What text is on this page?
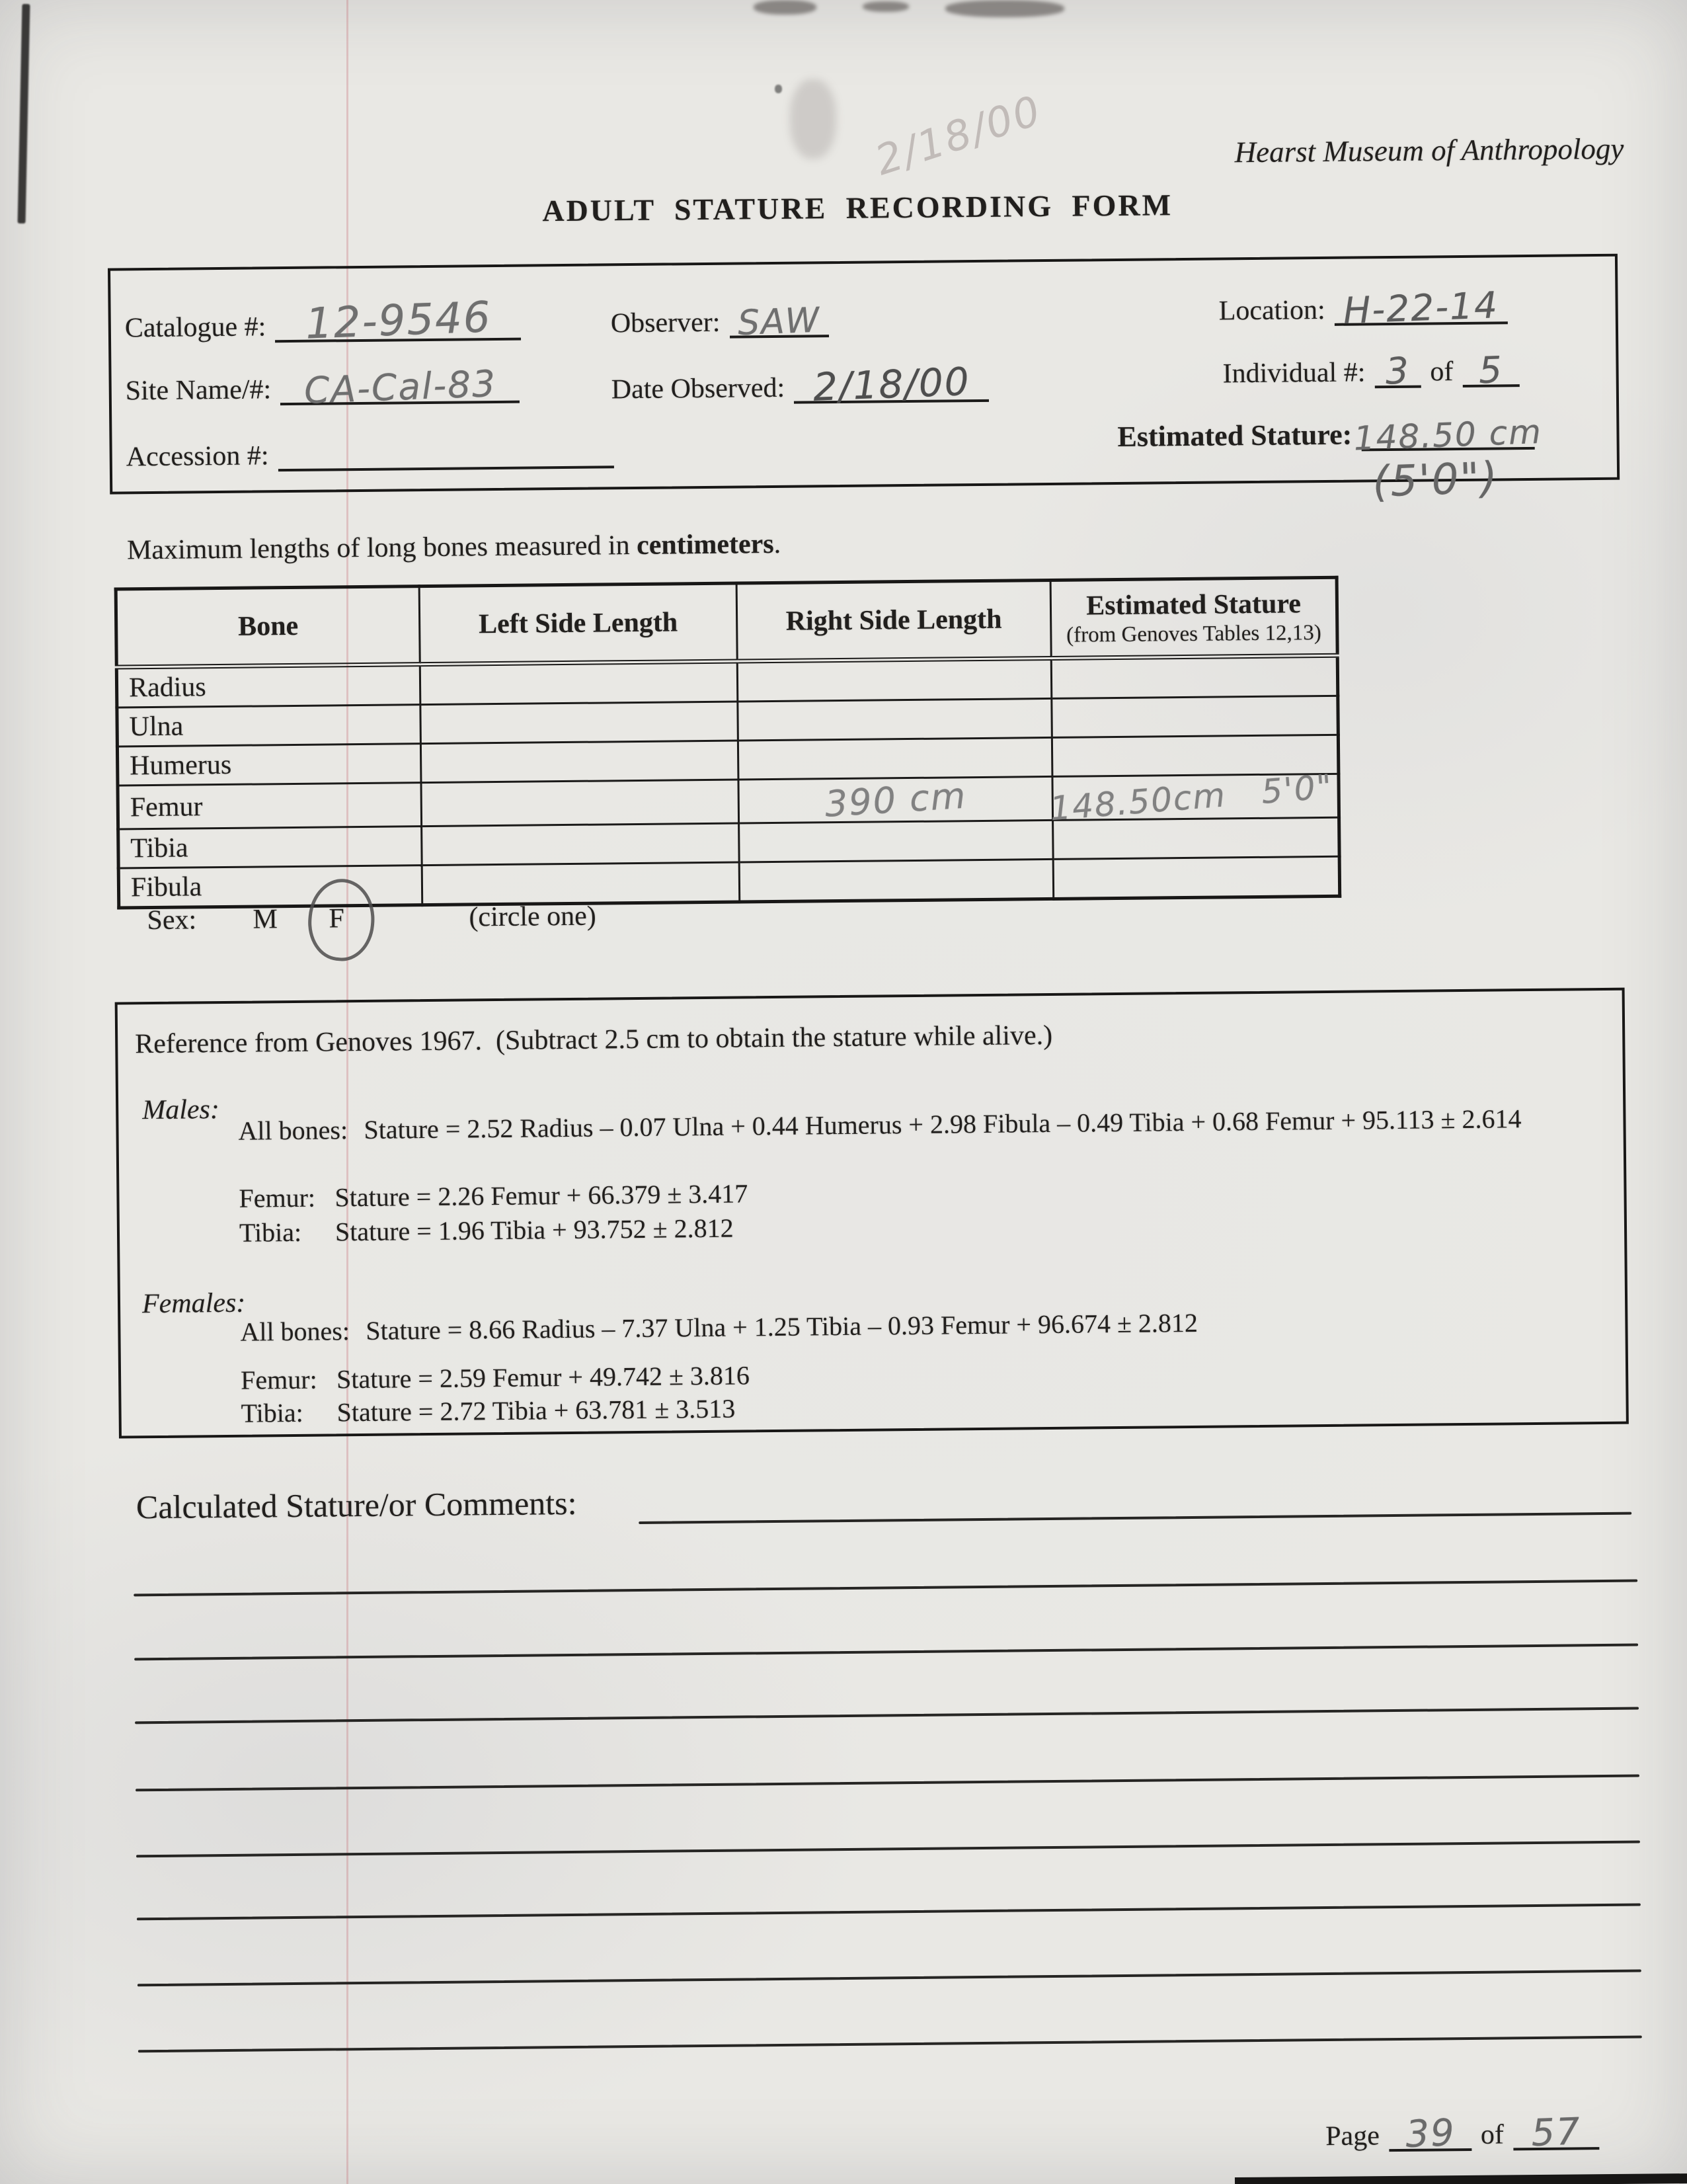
2/18/00	Hearst Museum of Anthropology
ADULT STATURE RECORDING FORM
Catalogue #: 12-9546	Observer: SAW	Location: H-22-14
Site Name/#: CA-Cal-83	Date Observed: 2/18/00	Individual #: 3 of 5
Accession #:
Estimated Stature: 148.50 cm
(5'0")
Maximum lengths of long bones measured in centimeters.
Bone	Left Side Length	Right Side Length	Estimated Stature
(from Genoves Tables 12,13)

Radius			
Ulna			
Humerus			
Femur		390 cm	148.50cm   5'0"
Tibia			
Fibula			
Sex: M F	(circle one)
Reference from Genoves 1967.  (Subtract 2.5 cm to obtain the stature while alive.)
Males:
All bones: Stature = 2.52 Radius – 0.07 Ulna + 0.44 Humerus + 2.98 Fibula – 0.49 Tibia + 0.68 Femur + 95.113 ± 2.614
Femur: Stature = 2.26 Femur + 66.379 ± 3.417
Tibia:	Stature = 1.96 Tibia + 93.752 ± 2.812
Females:
All bones: Stature = 8.66 Radius – 7.37 Ulna + 1.25 Tibia – 0.93 Femur + 96.674 ± 2.812
Femur: Stature = 2.59 Femur + 49.742 ± 3.816
Tibia:	Stature = 2.72 Tibia + 63.781 ± 3.513
Calculated Stature/or Comments:
Page 39 of 57
